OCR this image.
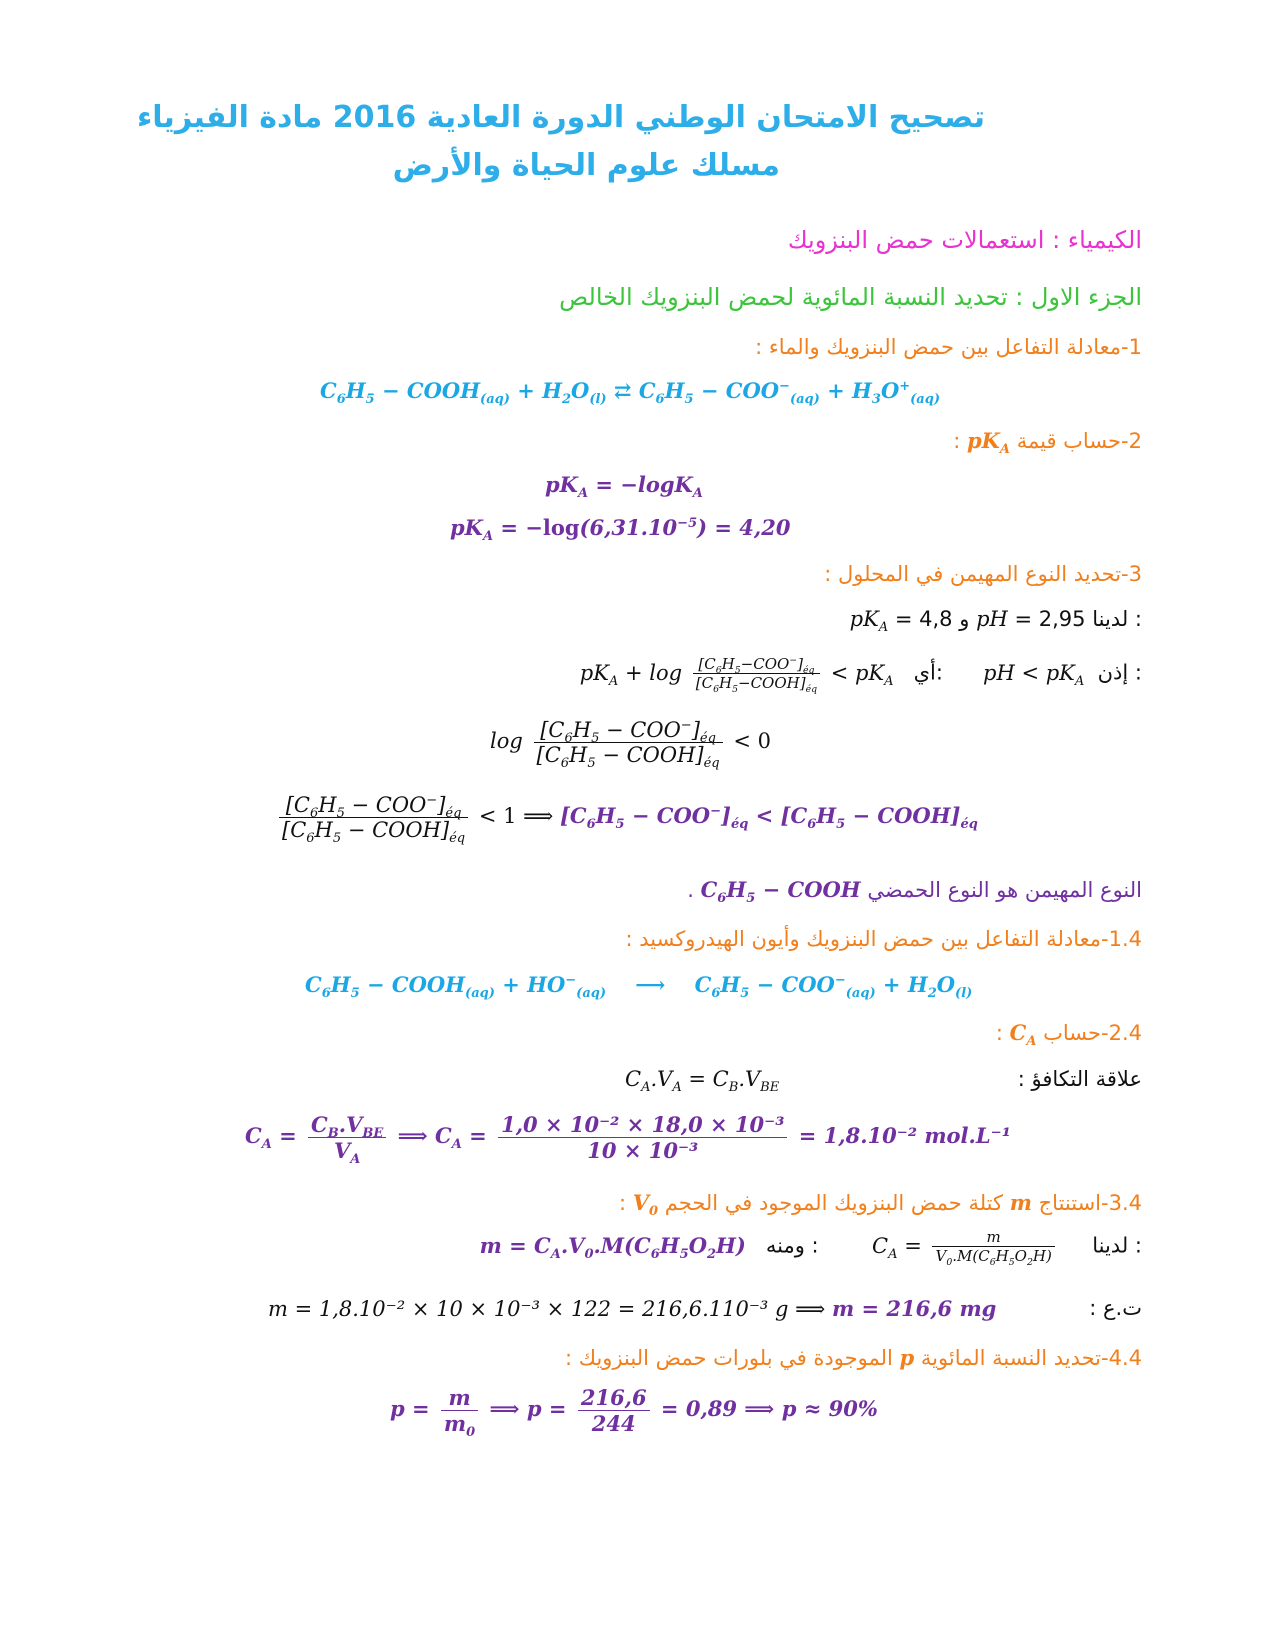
تصحيح الامتحان الوطني الدورة العادية 2016 مادة الفيزياء
مسلك علوم الحياة والأرض
الكيمياء : استعمالات حمض البنزويك
الجزء الاول : تحديد النسبة المائوية لحمض البنزويك الخالص
1-معادلة التفاعل بين حمض البنزويك والماء :
$C_6H_5$ − $COOH_{(aq)} + H_2O_{(l)}$ ⇄ $C_6H_5 - COO^-_{(aq)} + H_3O^+_{(aq)}$
2-حساب قيمة $pK_A$ :
$pK_A = -\log K_A$
$pK_A = -\log(6,31.10^{-5}) = 4,20$
3-تحديد النوع المهيمن في المحلول :
$pK_A = 4,8$ و pH = 2,95 لدينا :
$pK_A + \log \frac{[C_6H_5-COO^-]_{éq}}{[C_6H_5-COOH]_{éq}} < pK_A$ أي: pH < $pK_A$ إذن :
$\log \frac{[C_6H_5 - COO^-]_{éq}}{[C_6H_5 - COOH]_{éq}} < 0$
$\frac{[C_6H_5 - COO^-]_{éq}}{[C_6H_5 - COOH]_{éq}} < 1$ ⟹ $[C_6H_5 - COO^-]_{éq} < [C_6H_5$ − $COOH]_{éq}$
. $C_6H_5$ − COOH النوع المهيمن هو النوع الحمضي
1.4-معادلة التفاعل بين حمض البنزويك وأيون الهيدروكسيد :
$C_6H_5$ − $COOH_{(aq)} + HO^-_{(aq)}$ ⟶ $C_6H_5 - COO^-_{(aq)} + H_2O_{(l)}$
2.4-حساب $C_A$ :
علاقة التكافؤ :
$C_A.V_A = C_B.V_{BE}$
$C_A = \frac{C_B.V_{BE}}{V_A}$ ⟹ $C_A = \frac{\text{1,0 × 10⁻² × 18,0 × 10⁻³}}{\text{10 × 10⁻³}} = 1,8.10^{-2}$ mol.L⁻¹
3.4-استنتاج m كتلة حمض البنزويك الموجود في الحجم $V_0$ :
$m = C_A.V_0.M(C_6H_5O_2H)$ ومنه :	$C_A = \frac{m}{V_0.M(C_6H_5O_2H)}$ لدينا :
ت.ع :
m = 1,8.10⁻² × 10 × 10⁻³ × 122 = 216,6.110⁻³ g ⟹ m = 216,6 mg
4.4-تحديد النسبة المائوية p الموجودة في بلورات حمض البنزويك :
$p = \frac{m}{m_0}$ ⟹ $p = \frac{216,6}{244} = 0,89$ ⟹ p ≈ 90%
